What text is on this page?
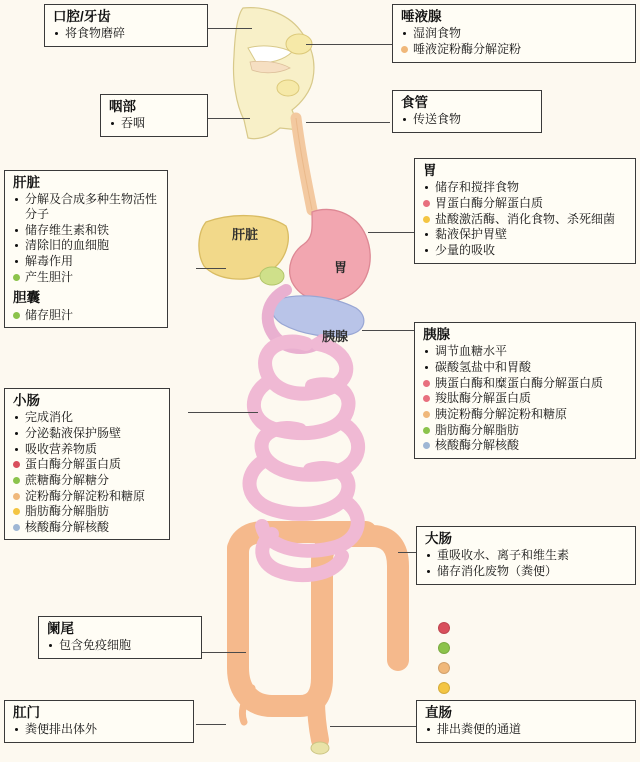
肝脏
胃
胰腺
口腔/牙齿
将食物磨碎
咽部
吞咽
唾液腺
湿润食物
唾液淀粉酶分解淀粉
食管
传送食物
肝脏
分解及合成多种生物活性分子
储存维生素和铁
清除旧的血细胞
解毒作用
产生胆汁
胆囊
储存胆汁
胃
储存和搅拌食物
胃蛋白酶分解蛋白质
盐酸激活酶、消化食物、杀死细菌
黏液保护胃壁
少量的吸收
胰腺
调节血糖水平
碳酸氢盐中和胃酸
胰蛋白酶和糜蛋白酶分解蛋白质
羧肽酶分解蛋白质
胰淀粉酶分解淀粉和糖原
脂肪酶分解脂肪
核酸酶分解核酸
小肠
完成消化
分泌黏液保护肠壁
吸收营养物质
蛋白酶分解蛋白质
蔗糖酶分解糖分
淀粉酶分解淀粉和糖原
脂肪酶分解脂肪
核酸酶分解核酸
大肠
重吸收水、离子和维生素
储存消化废物（粪便）
阑尾
包含免疫细胞
肛门
粪便排出体外
直肠
排出粪便的通道
